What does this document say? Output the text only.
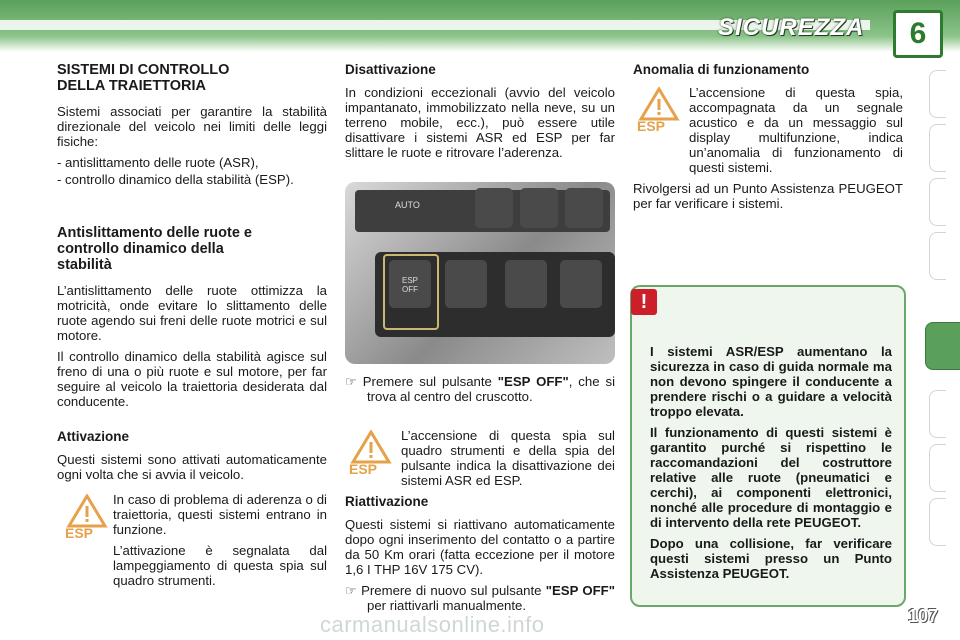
SICUREZZA	6
SISTEMI DI CONTROLLO DELLA TRAIETTORIA

Sistemi associati per garantire la stabilità direzionale del veicolo nei limiti delle leggi fisiche:

- antislittamento delle ruote (ASR),
- controllo dinamico della stabilità (ESP).
Antislittamento delle ruote e controllo dinamico della stabilità

L’antislittamento delle ruote ottimizza la motricità, onde evitare lo slittamento delle ruote agendo sui freni delle ruote motrici e sul motore.

Il controllo dinamico della stabilità agisce sul freno di una o più ruote e sul motore, per far seguire al veicolo la traiettoria desiderata dal conducente.

Attivazione

Questi sistemi sono attivati automaticamente ogni volta che si avvia il veicolo.

ESP

In caso di problema di aderenza o di traiettoria, questi sistemi entrano in funzione.

L’attivazione è segnalata dal lampeggiamento di questa spia sul quadro strumenti.

Disattivazione

In condizioni eccezionali (avvio del veicolo impantanato, immobilizzato nella neve, su un terreno mobile, ecc.), può essere utile disattivare i sistemi ASR ed ESP per far slittare le ruote e ritrovare l’aderenza.

AUTO
ESP OFF

☞ Premere sul pulsante "ESP OFF", che si trova al centro del cruscotto.

ESP

L’accensione di questa spia sul quadro strumenti e della spia del pulsante indica la disattivazione dei sistemi ASR ed ESP.

Riattivazione

Questi sistemi si riattivano automaticamente dopo ogni inserimento del contatto o a partire da 50 Km orari (fatta eccezione per il motore 1,6 I THP 16V 175 CV).

☞ Premere di nuovo sul pulsante "ESP OFF" per riattivarli manualmente.

Anomalia di funzionamento
ESP

L’accensione di questa spia, accompagnata da un segnale acustico e da un messaggio sul display multifunzione, indica un’anomalia di funzionamento di questi sistemi.

Rivolgersi ad un Punto Assistenza PEUGEOT per far verificare i sistemi.

I sistemi ASR/ESP aumentano la sicurezza in caso di guida normale ma non devono spingere il conducente a prendere rischi o a guidare a velocità troppo elevata.

Il funzionamento di questi sistemi è garantito purché si rispettino le raccomandazioni del costruttore relative alle ruote (pneumatici e cerchi), ai componenti elettronici, nonché alle procedure di montaggio e di intervento della rete PEUGEOT.

Dopo una collisione, far verificare questi sistemi presso un Punto Assistenza PEUGEOT.

!
carmanualsonline.info	107
